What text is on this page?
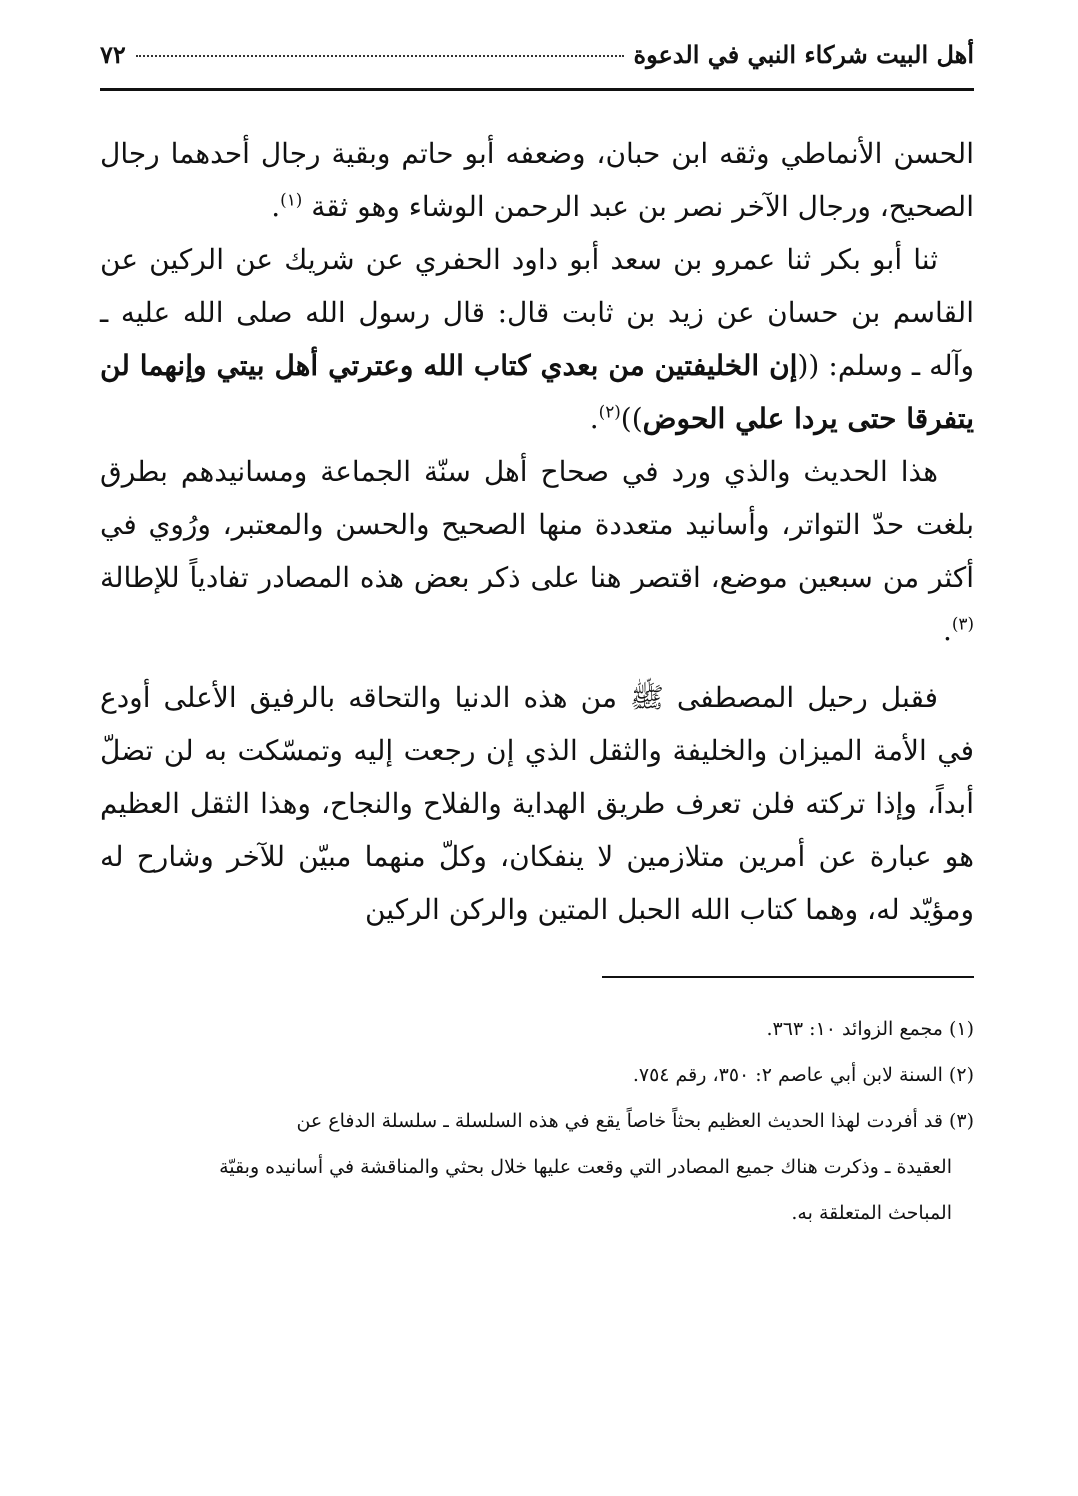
٧٢	أهل البيت شركاء النبي في الدعوة

الحسن الأنماطي وثقه ابن حبان، وضعفه أبو حاتم وبقية رجال أحدهما رجال الصحيح، ورجال الآخر نصر بن عبد الرحمن الوشاء وهو ثقة $^{(١)}$.

ثنا أبو بكر ثنا عمرو بن سعد أبو داود الحفري عن شريك عن الركين عن القاسم بن حسان عن زيد بن ثابت قال: قال رسول الله صلى الله عليه ـ وآله ـ وسلم: ((إن الخليفتين من بعدي كتاب الله وعترتي أهل بيتي وإنهما لن يتفرقا حتى يردا علي الحوض))$^{(٢)}$.

هذا الحديث والذي ورد في صحاح أهل سنّة الجماعة ومسانيدهم بطرق بلغت حدّ التواتر، وأسانيد متعددة منها الصحيح والحسن والمعتبر، ورُوي في أكثر من سبعين موضع، اقتصر هنا على ذكر بعض هذه المصادر تفادياً للإطالة $^{(٣)}$.

فقبل رحيل المصطفى ﷺ من هذه الدنيا والتحاقه بالرفيق الأعلى أودع في الأمة الميزان والخليفة والثقل الذي إن رجعت إليه وتمسّكت به لن تضلّ أبداً، وإذا تركته فلن تعرف طريق الهداية والفلاح والنجاح، وهذا الثقل العظيم هو عبارة عن أمرين متلازمين لا ينفكان، وكلّ منهما مبيّن للآخر وشارح له ومؤيّد له، وهما كتاب الله الحبل المتين والركن الركين

(١) مجمع الزوائد ١٠: ٣٦٣.

(٢) السنة لابن أبي عاصم ٢: ٣٥٠، رقم ٧٥٤.

(٣) قد أفردت لهذا الحديث العظيم بحثاً خاصاً يقع في هذه السلسلة ـ سلسلة الدفاع عن

العقيدة ـ وذكرت هناك جميع المصادر التي وقعت عليها خلال بحثي والمناقشة في أسانيده وبقيّة

المباحث المتعلقة به.
